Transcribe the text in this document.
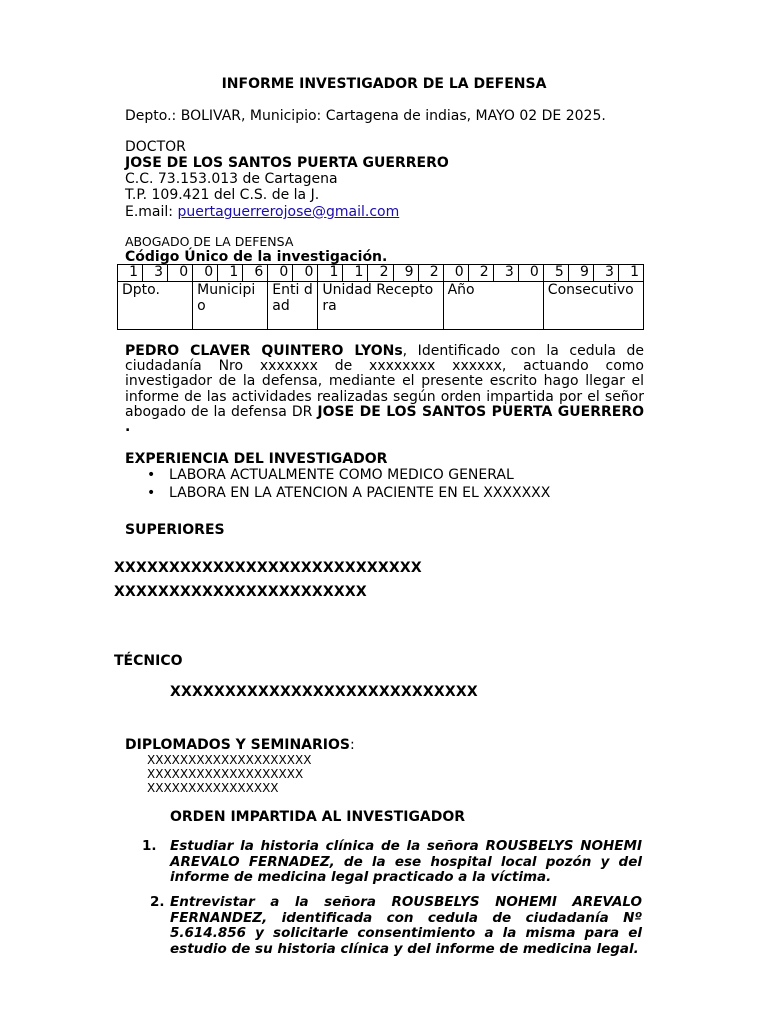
INFORME INVESTIGADOR DE LA DEFENSA
Depto.: BOLIVAR, Municipio: Cartagena de indias, MAYO 02 DE 2025.
DOCTOR
JOSE DE LOS SANTOS PUERTA GUERRERO
C.C. 73.153.013 de Cartagena
T.P. 109.421 del C.S. de la J.
E.mail: puertaguerrerojose@gmail.com
ABOGADO DE LA DEFENSA
Código Único de la investigación.
1	3	0	0	1	6	0	0	1	1	2	9	2	0	2	3	0	5	9	3	1
Dpto.			Municipi o			Enti d ad		Unidad Recepto ra					Año				Consecutivo			
PEDRO CLAVER QUINTERO LYONs, Identificado con la cedula de ciudadanía Nro xxxxxxx de xxxxxxxx xxxxxx, actuando como investigador de la defensa, mediante el presente escrito hago llegar el informe de las actividades realizadas según orden impartida por el señor abogado de la defensa DR JOSE DE LOS SANTOS PUERTA GUERRERO .
EXPERIENCIA DEL INVESTIGADOR
• LABORA ACTUALMENTE COMO MEDICO GENERAL
• LABORA EN LA ATENCION A PACIENTE EN EL XXXXXXX
SUPERIORES
XXXXXXXXXXXXXXXXXXXXXXXXXXXX
XXXXXXXXXXXXXXXXXXXXXXX
TÉCNICO
XXXXXXXXXXXXXXXXXXXXXXXXXXXX
DIPLOMADOS Y SEMINARIOS:
XXXXXXXXXXXXXXXXXXXX
XXXXXXXXXXXXXXXXXXX
XXXXXXXXXXXXXXXX
ORDEN IMPARTIDA AL INVESTIGADOR
1. Estudiar la historia clínica de la señora ROUSBELYS NOHEMI AREVALO FERNADEZ, de la ese hospital local pozón y del informe de medicina legal practicado a la víctima.
2. Entrevistar a la señora ROUSBELYS NOHEMI AREVALO FERNANDEZ, identificada con cedula de ciudadanía Nº 5.614.856 y solicitarle consentimiento a la misma para el estudio de su historia clínica y del informe de medicina legal.
